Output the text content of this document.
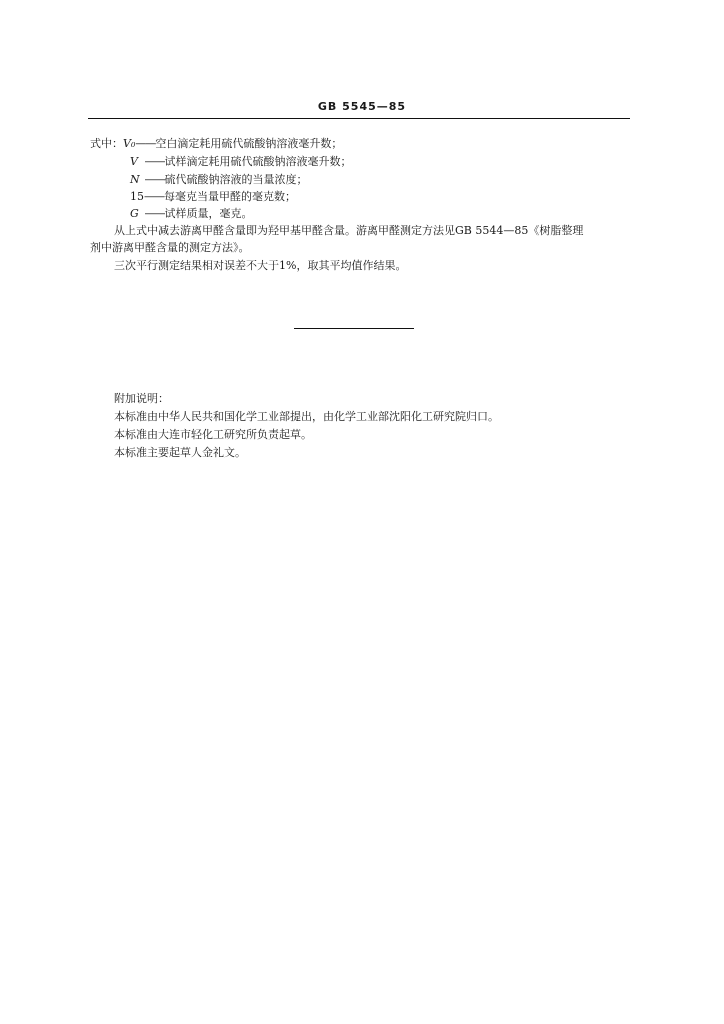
GB 5545—85
式中：V₀——空白滴定耗用硫代硫酸钠溶液毫升数；
V ——试样滴定耗用硫代硫酸钠溶液毫升数；
N ——硫代硫酸钠溶液的当量浓度；
15——每毫克当量甲醛的毫克数；
G ——试样质量，毫克。
从上式中减去游离甲醛含量即为羟甲基甲醛含量。游离甲醛测定方法见GB 5544—85《树脂整理
剂中游离甲醛含量的测定方法》。
三次平行测定结果相对误差不大于1%，取其平均值作结果。
附加说明：
本标准由中华人民共和国化学工业部提出，由化学工业部沈阳化工研究院归口。
本标准由大连市轻化工研究所负责起草。
本标准主要起草人金礼文。
